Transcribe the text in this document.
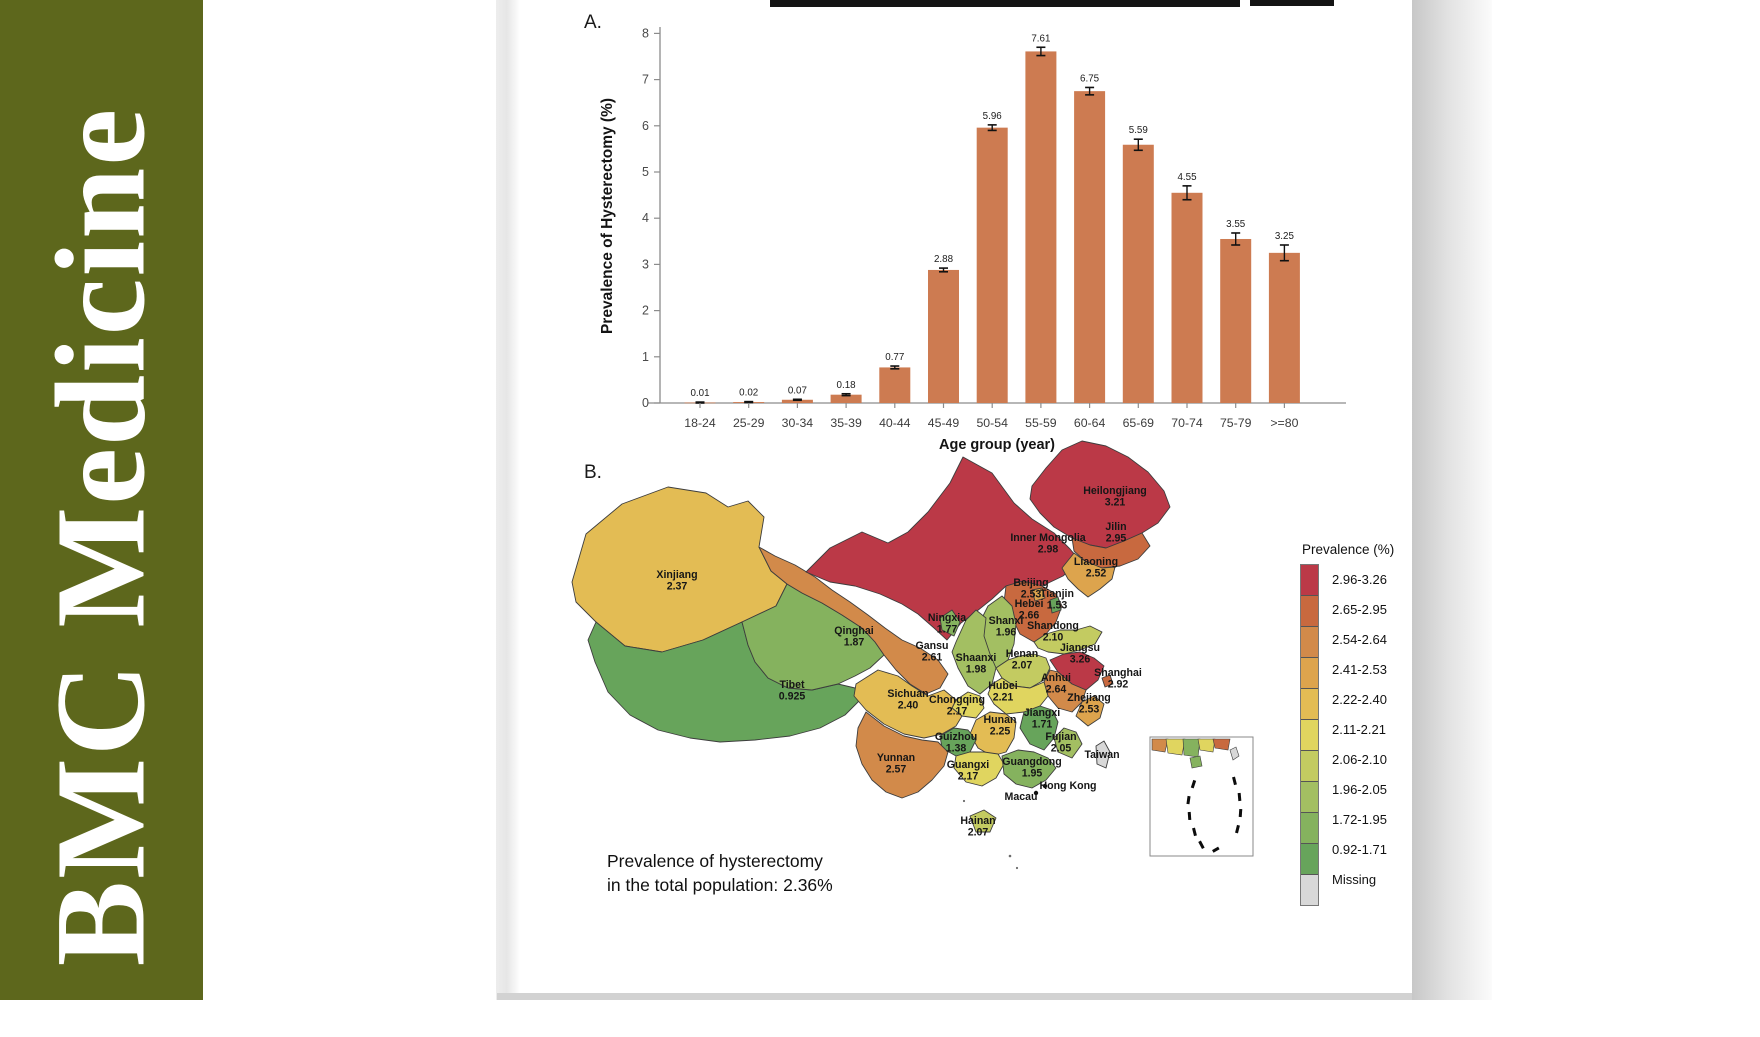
BMC Medicine
A.
B.
0
1
2
3
4
5
6
7
8
Prevalence of Hysterectomy (%)
Age group (year)
0.01
18-24
0.02
25-29
0.07
30-34
0.18
35-39
0.77
40-44
2.88
45-49
5.96
50-54
7.61
55-59
6.75
60-64
5.59
65-69
4.55
70-74
3.55
75-79
3.25
>=80
Heilongjiang
3.21
Jilin
2.95
Liaoning
2.52
Inner Mongolia
2.98
Beijing
2.53
Tianjin
1.53
Hebei
2.66
Xinjiang
2.37
Ningxia
1.77
Shanxi
1.96
Shandong
2.10
Qinghai
1.87	Gansu
2.61 Shaanxi
1.98
Henan
2.07
Jiangsu
3.26
Shanghai
2.92
Anhui
2.64
Zhejiang
2.53
Tibet
0.925	Sichuan
2.40 Chongqing
2.17
Hubei
2.21
Hunan
2.25
Jiangxi
1.71
Guizhou
1.38
Fujian
2.05
Yunnan
2.57	Guangxi
2.17
Guangdong
1.95
Hainan
2.07
Taiwan
Hong Kong
Macau
Prevalence of hysterectomy
in the total population: 2.36%
Prevalence (%)
2.96-3.26
2.65-2.95
2.54-2.64
2.41-2.53
2.22-2.40
2.11-2.21
2.06-2.10
1.96-2.05
1.72-1.95
0.92-1.71
Missing
